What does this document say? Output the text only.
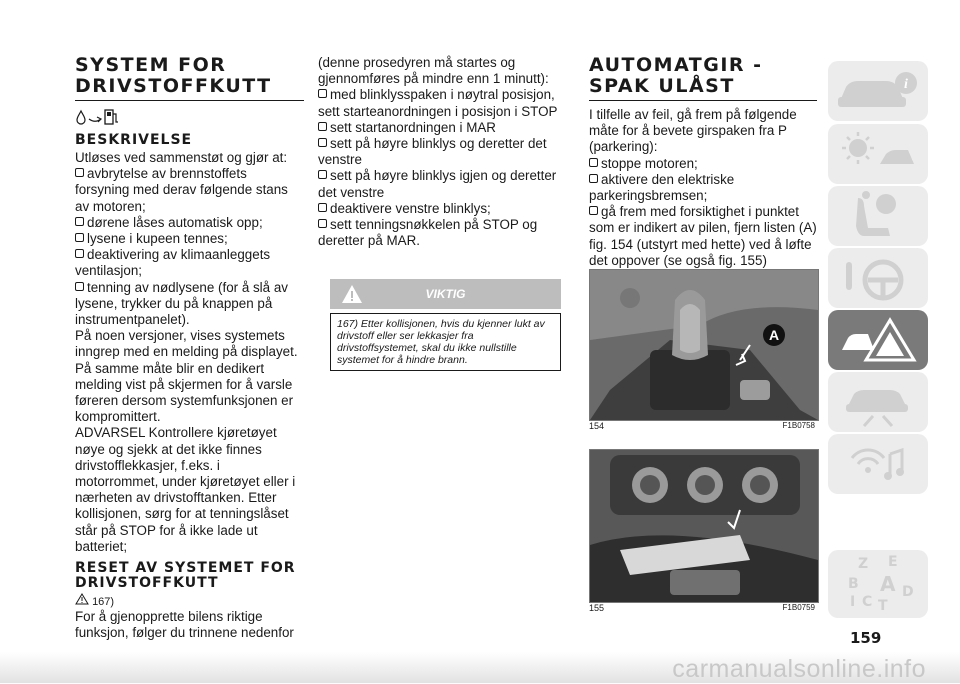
SYSTEM FOR DRIVSTOFFKUTT
BESKRIVELSE

Utløses ved sammenstøt og gjør at:

avbrytelse av brennstoffets forsyning med derav følgende stans av motoren;

dørene låses automatisk opp;

lysene i kupeen tennes;

deaktivering av klimaanleggets ventilasjon;

tenning av nødlysene (for å slå av lysene, trykker du på knappen på instrumentpanelet).

På noen versjoner, vises systemets inngrep med en melding på displayet. På samme måte blir en dedikert melding vist på skjermen for å varsle føreren dersom systemfunksjonen er kompromittert.

ADVARSEL Kontrollere kjøretøyet nøye og sjekk at det ikke finnes drivstofflekkasjer, f.eks. i motorrommet, under kjøretøyet eller i nærheten av drivstofftanken. Etter kollisjonen, sørg for at tenningslåset står på STOP for å ikke lade ut batteriet;

RESET AV SYSTEMET FOR DRIVSTOFFKUTT
167)

For å gjenopprette bilens riktige funksjon, følger du trinnene nedenfor

(denne prosedyren må startes og gjennomføres på mindre enn 1 minutt):

med blinklysspaken i nøytral posisjon, sett starteanordningen i posisjon i STOP

sett startanordningen i MAR

sett på høyre blinklys og deretter det venstre

sett på høyre blinklys igjen og deretter det venstre

deaktivere venstre blinklys;

sett tenningsnøkkelen på STOP og deretter på MAR.

VIKTIG
167) Etter kollisjonen, hvis du kjenner lukt av drivstoff eller ser lekkasjer fra drivstoffsystemet, skal du ikke nullstille systemet for å hindre brann.
AUTOMATGIR - SPAK ULÅST

I tilfelle av feil, gå frem på følgende måte for å bevete girspaken fra P (parkering):

stoppe motoren;

aktivere den elektriske parkeringsbremsen;

gå frem med forsiktighet i punktet som er indikert av pilen, fjern listen (A) fig. 154 (utstyrt med hette) ved å løfte det oppover (se også fig. 155)

A
154	F1B0758
155	F1B0759
i
Z E
B A
C
D
I T
159
carmanualsonline.info
